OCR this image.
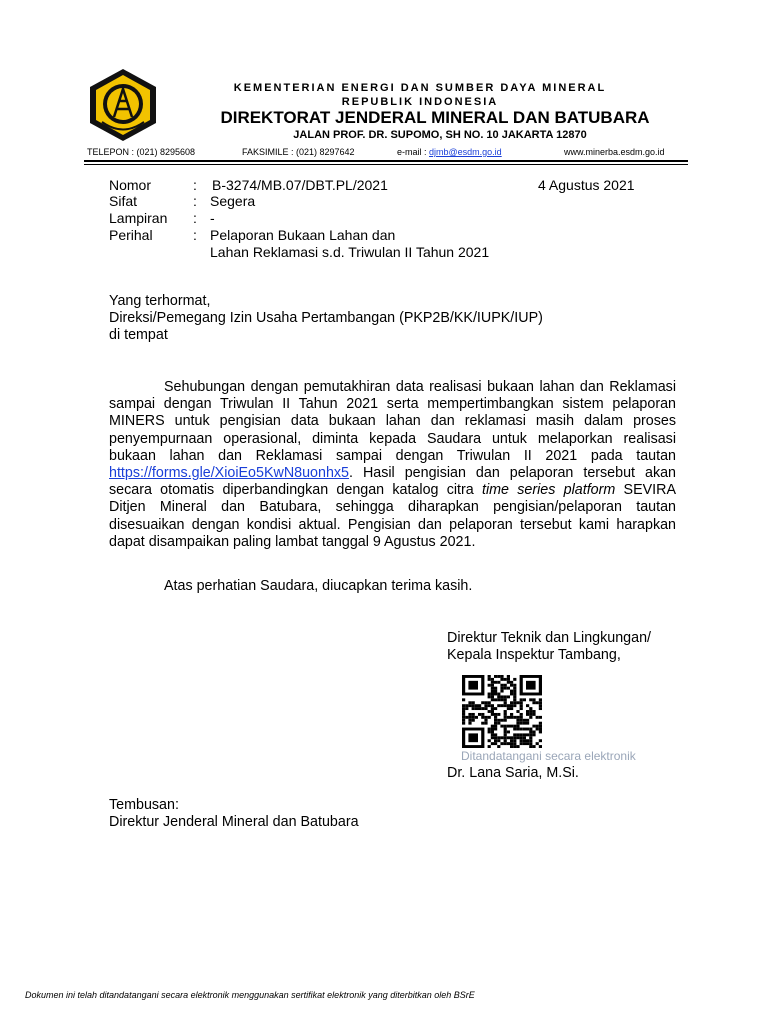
KEMENTERIAN ENERGI DAN SUMBER DAYA MINERAL
REPUBLIK INDONESIA
DIREKTORAT JENDERAL MINERAL DAN BATUBARA
JALAN PROF. DR. SUPOMO, SH NO. 10 JAKARTA 12870
TELEPON : (021) 8295608	FAKSIMILE : (021) 8297642	e-mail : djmb@esdm.go.id	www.minerba.esdm.go.id
Nomor	: B-3274/MB.07/DBT.PL/2021	4 Agustus 2021
Sifat	: Segera
Lampiran : -
Perihal	: Pelaporan Bukaan Lahan dan
Lahan Reklamasi s.d. Triwulan II Tahun 2021
Yang terhormat,
Direksi/Pemegang Izin Usaha Pertambangan (PKP2B/KK/IUPK/IUP)
di tempat
Sehubungan dengan pemutakhiran data realisasi bukaan lahan dan Reklamasi sampai dengan Triwulan II Tahun 2021 serta mempertimbangkan sistem pelaporan MINERS untuk pengisian data bukaan lahan dan reklamasi masih dalam proses penyempurnaan operasional, diminta kepada Saudara untuk melaporkan realisasi bukaan lahan dan Reklamasi sampai dengan Triwulan II 2021 pada tautan https://forms.gle/XioiEo5KwN8uonhx5. Hasil pengisian dan pelaporan tersebut akan secara otomatis diperbandingkan dengan katalog citra time series platform SEVIRA Ditjen Mineral dan Batubara, sehingga diharapkan pengisian/pelaporan tautan disesuaikan dengan kondisi aktual. Pengisian dan pelaporan tersebut kami harapkan dapat disampaikan paling lambat tanggal 9 Agustus 2021.
Atas perhatian Saudara, diucapkan terima kasih.
Direktur Teknik dan Lingkungan/
Kepala Inspektur Tambang,
Ditandatangani secara elektronik
Dr. Lana Saria, M.Si.
Tembusan:
Direktur Jenderal Mineral dan Batubara
Dokumen ini telah ditandatangani secara elektronik menggunakan sertifikat elektronik yang diterbitkan oleh BSrE
